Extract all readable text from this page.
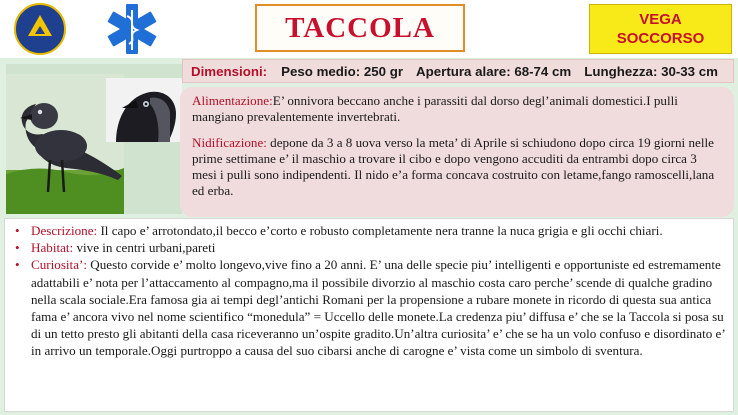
TACCOLA	VEGA
SOCCORSO
Dimensioni: Peso medio: 250 gr Apertura alare: 68-74 cm Lunghezza: 30-33 cm

Alimentazione:E’ onnivora beccano anche i parassiti dal dorso degl’animali domestici.I pulli mangiano prevalentemente invertebrati.

Nidificazione: depone da 3 a 8 uova verso la meta’ di Aprile si schiudono dopo circa 19 giorni nelle prime settimane e’ il maschio a trovare il cibo e dopo vengono accuditi da entrambi dopo circa 3 mesi i pulli sono indipendenti. Il nido e’a forma concava costruito con letame,fango ramoscelli,lana ed erba.

• Descrizione: Il capo e’ arrotondato,il becco e’corto e robusto completamente nera tranne la nuca grigia e gli occhi chiari.
• Habitat: vive in centri urbani,pareti
• Curiosita’: Questo corvide e’ molto longevo,vive fino a 20 anni. E’ una delle specie piu’ intelligenti e opportuniste ed estremamente adattabili e’ nota per l’attaccamento al compagno,ma il possibile divorzio al maschio costa caro perche’ scende di qualche gradino nella scala sociale.Era famosa gia ai tempi degl’antichi Romani per la propensione a rubare monete in ricordo di questa sua antica fama e’ ancora vivo nel nome scientifico “monedula” = Uccello delle monete.La credenza piu’ diffusa e’ che se la Taccola si posa su di un tetto presto gli abitanti della casa riceveranno un’ospite gradito.Un’altra curiosita’ e’ che se ha un volo confuso e disordinato e’ in arrivo un temporale.Oggi purtroppo a causa del suo cibarsi anche di carogne e’ vista come un simbolo di sventura.
